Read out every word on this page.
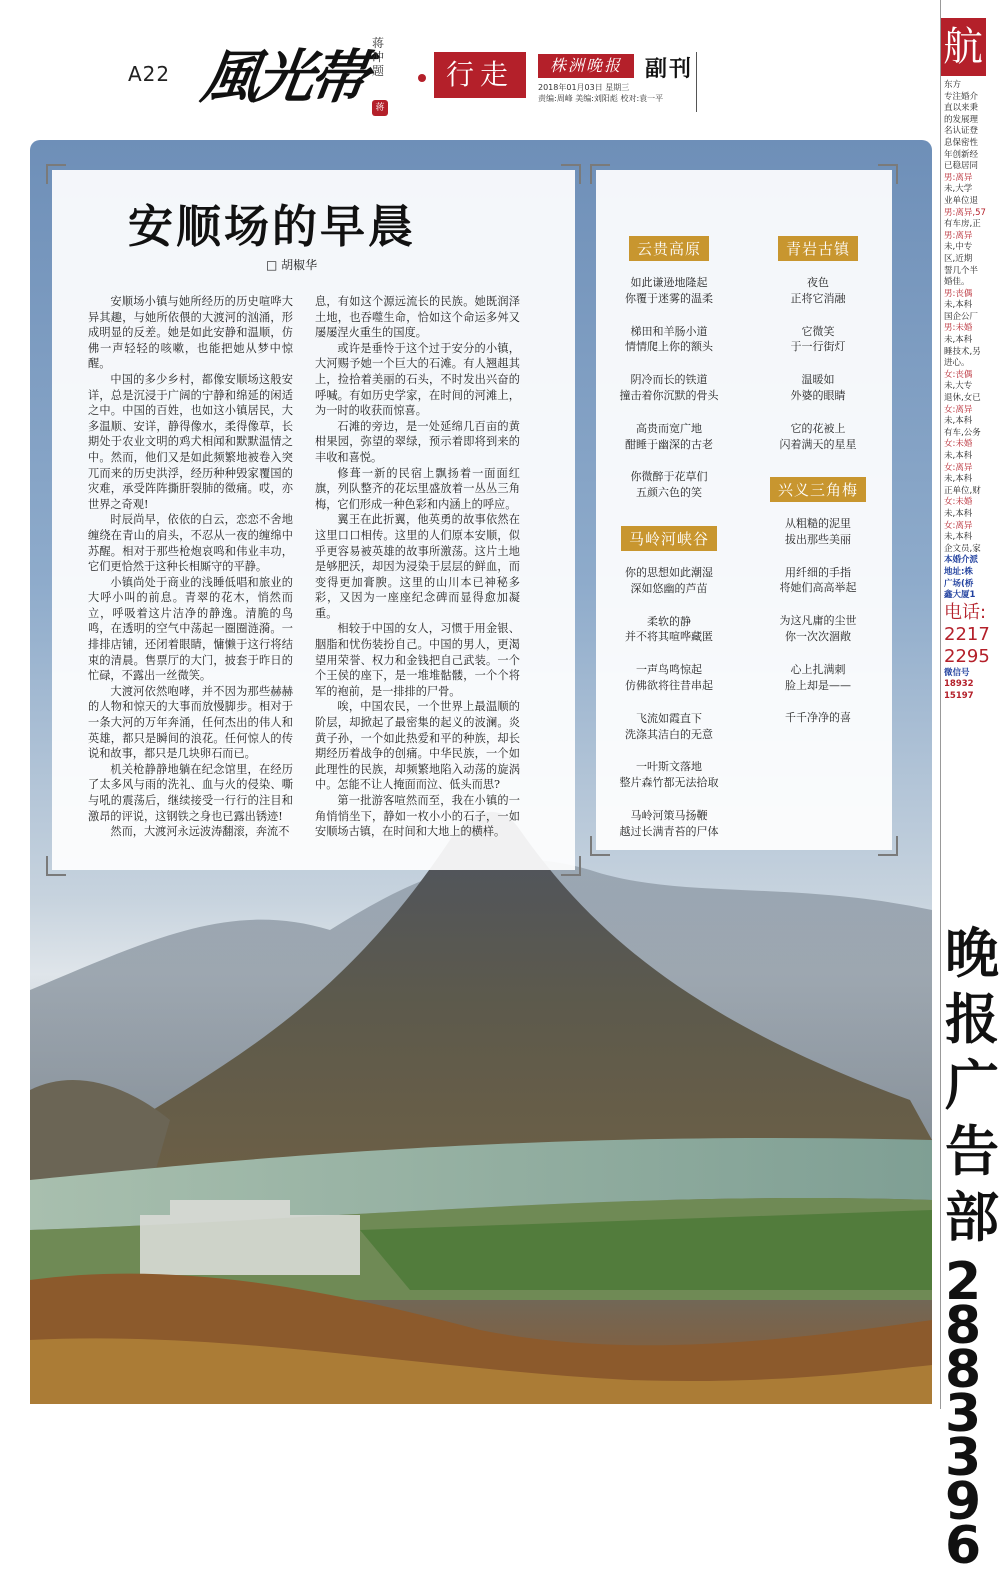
A22 風光帯 蒋 冲 题
蒋
行走	株洲晚报	副刊
2018年01月03日 星期三
责编:周峰 美编:刘阳彪 校对:袁一平
安顺场的早晨
□ 胡椒华

安顺场小镇与她所经历的历史喧哗大异其趣，与她所依偎的大渡河的汹涌，形成明显的反差。她是如此安静和温顺，仿佛一声轻轻的咳嗽，也能把她从梦中惊醒。

中国的多少乡村，都像安顺场这般安详，总是沉浸于广阔的宁静和绵延的闲适之中。中国的百姓，也如这小镇居民，大多温顺、安详，静得像水，柔得像草，长期处于农业文明的鸡犬相闻和默默温情之中。然而，他们又是如此频繁地被卷入突兀而来的历史洪浮，经历种种毁家覆国的灾难，承受阵阵撕肝裂肺的徵痛。哎，亦世界之奇观!

时辰尚早，依依的白云，恋恋不舍地缠绕在青山的肩头，不忍从一夜的缠绵中苏醒。相对于那些枪炮哀鸣和伟业丰功，它们更恰然于这种长相厮守的平静。

小镇尚处于商业的浅睡低唱和旅业的大呼小叫的前息。青翠的花木，悄然而立，呼吸着这片洁净的静逸。清脆的鸟鸣，在透明的空气中荡起一圈圈涟漪。一排排店铺，还闭着眼睛，慵懒于这行将结束的清晨。售票厅的大门，披套于昨日的忙碌，不露出一丝微笑。

大渡河依然咆哮，并不因为那些赫赫的人物和惊天的大事而放慢脚步。相对于一条大河的万年奔涌，任何杰出的伟人和英雄，都只是瞬间的浪花。任何惊人的传说和故事，都只是几块卵石而已。

机关枪静静地躺在纪念馆里，在经历了太多风与雨的洗礼、血与火的侵染、嘶与吼的震荡后，继续接受一行行的注目和激昂的评说，这钢铁之身也已露出锈迹!

然而，大渡河永远波涛翻滚，奔流不

息，有如这个源远流长的民族。她既润泽土地，也吞噬生命，恰如这个命运多舛又屡屡涅火重生的国度。

或许是垂怜于这个过于安分的小镇，大河赐予她一个巨大的石滩。有人翘趄其上，捡拾着美丽的石头，不时发出兴奋的呼喊。有如历史学家，在时间的河滩上，为一时的收获而惊喜。

石滩的旁边，是一处延绵几百亩的黄柑果园，弥望的翠绿，预示着即将到来的丰收和喜悦。

修葺一新的民宿上飘扬着一面面红旗，列队整齐的花坛里盛放着一丛丛三角梅，它们形成一种色彩和内涵上的呼应。

翼王在此折翼，他英勇的故事依然在这里口口相传。这里的人们原本安顺，似乎更容易被英雄的故事所激荡。这片土地是够肥沃，却因为浸染于层层的鲜血，而变得更加膏腴。这里的山川本已神秘多彩，又因为一座座纪念碑而显得愈加凝重。

相较于中国的女人，习惯于用金银、胭脂和忧伤装扮自己。中国的男人，更渴望用荣誉、权力和金钱把自己武装。一个个王侯的座下，是一堆堆骷髅，一个个将军的袍前，是一排排的尸骨。

唉，中国农民，一个世界上最温顺的阶层，却掀起了最密集的起义的波澜。炎黄子孙，一个如此热爱和平的种族，却长期经历着战争的创痛。中华民族，一个如此理性的民族，却频繁地陷入动荡的旋涡中。怎能不让人掩面而泣、低头而思?

第一批游客喧然而至，我在小镇的一角悄悄坐下，静如一枚小小的石子，一如安顺场古镇，在时间和大地上的横样。

云贵高原
如此谦逊地隆起
你覆于迷雾的温柔
梯田和羊肠小道
情情爬上你的额头
阴冷而长的铁道
撞击着你沉默的骨头
高贵而宽广地
酣睡于幽深的古老
你微醉于花草们
五颜六色的笑
青岩古镇
夜色
正将它消融
它微笑
于一行街灯
温暖如
外婆的眼睛
它的花被上
闪着满天的星星
马岭河峡谷
你的思想如此潮湿
深如悠幽的芦苗
柔软的静
并不将其喧哗藏匿
一声鸟鸣惊起
仿佛欲将往昔串起
飞流如霞直下
洗涤其洁白的无意
一叶斯文落地
整片森竹都无法拾取
马岭河策马扬鞭
越过长满青苔的尸体
兴义三角梅
从粗糙的泥里
拔出那些美丽
用纤细的手指
将她们高高举起
为这凡庸的尘世
你一次次涸敞
心上扎满刺
脸上却是——
千千净净的喜
航
东方
专注婚介
直以来秉
的发展理
名认证登
息保密性
年创新经
已稳居同
男:离异
未,大学
业单位退
男:离异,57
有车房,正
男:离异
未,中专
区,近期
誓几个半
婚佳。
男:丧偶
未,本科
国企公厂
男:未婚
未,本科
睡技术,另
进心。
女:丧偶
未,大专
退休,女已
女:离异
未,本科
有车,公务
女:未婚
未,本科
女:离异
未,本科
正单位,财
女:未婚
未,本科
女:离异
未,本科
企文员,家
本婚介派
地址:株
广场(桥
鑫大厦1
电话:
2217
2295
微信号
18932
15197
晚
报
广
告
部
2883396
